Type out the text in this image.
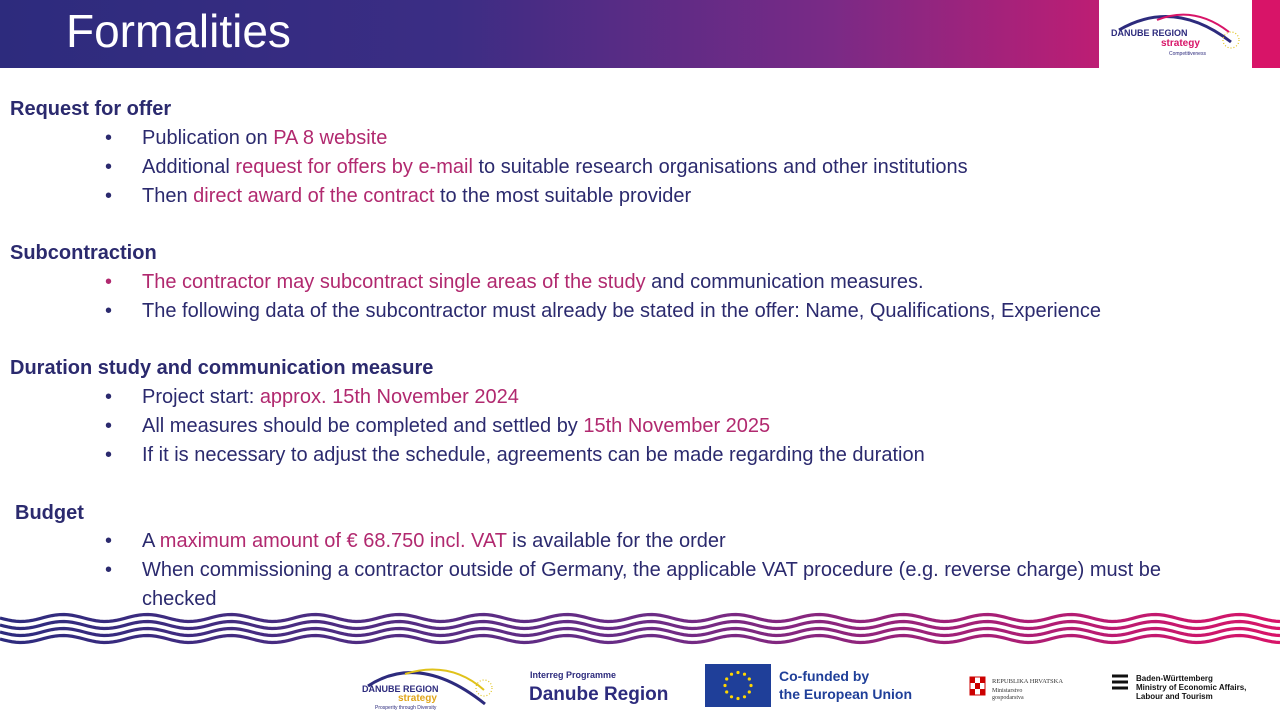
Formalities	DANUBE REGION
strategy
Competitiveness
Request for offer
• Publication on PA 8 website
• Additional request for offers by e-mail to suitable research organisations and other institutions
• Then direct award of the contract to the most suitable provider
Subcontraction
• The contractor may subcontract single areas of the study and communication measures.
• The following data of the subcontractor must already be stated in the offer: Name, Qualifications, Experience
Duration study and communication measure
• Project start: approx. 15th November 2024
• All measures should be completed and settled by 15th November 2025
• If it is necessary to adjust the schedule, agreements can be made regarding the duration
Budget
• A maximum amount of € 68.750 incl. VAT is available for the order
• When commissioning a contractor outside of Germany, the applicable VAT procedure (e.g. reverse charge) must be
checked
DANUBE REGION
strategy
Prosperity through Diversity
Interreg Programme
Danube Region
Co-funded by
the European Union
REPUBLIKA HRVATSKA
Ministarstvo
gospodarstva
Baden-Württemberg
Ministry of Economic Affairs,
Labour and Tourism
